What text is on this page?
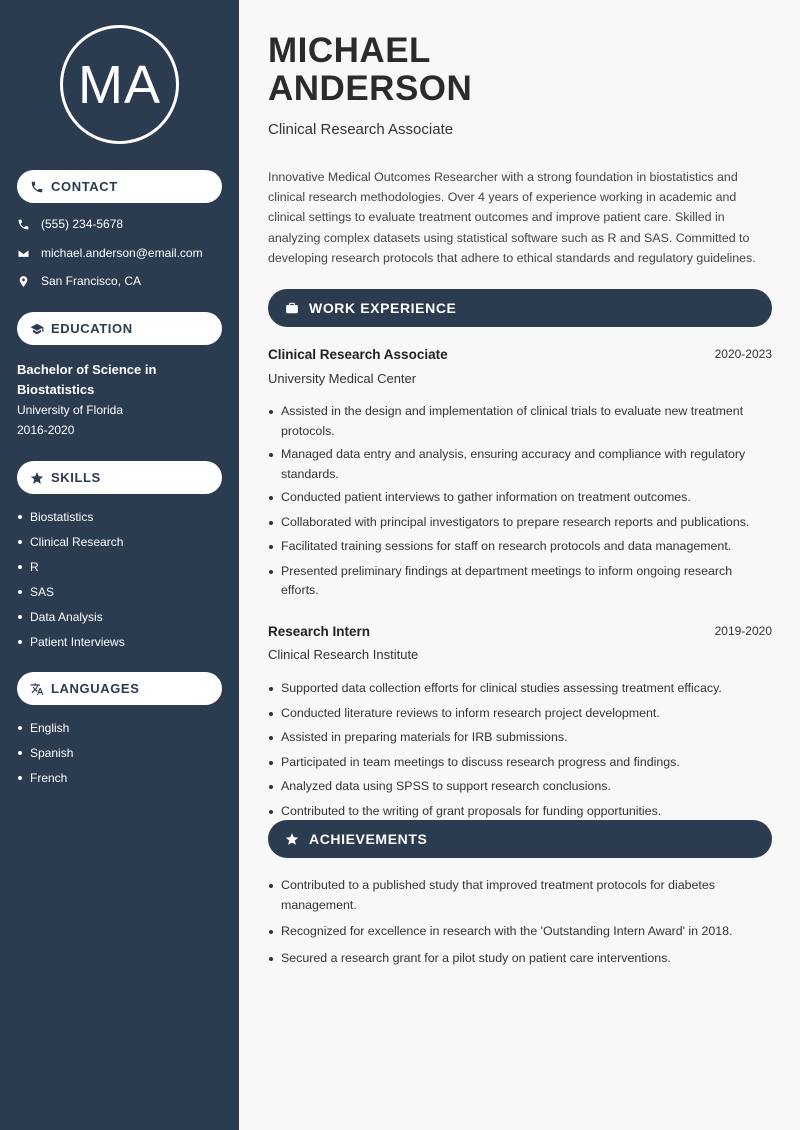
MA
CONTACT
(555) 234-5678
michael.anderson@email.com
San Francisco, CA
EDUCATION
Bachelor of Science in Biostatistics
University of Florida
2016-2020
SKILLS
Biostatistics
Clinical Research
R
SAS
Data Analysis
Patient Interviews
LANGUAGES
English
Spanish
French
MICHAEL
ANDERSON
Clinical Research Associate

Innovative Medical Outcomes Researcher with a strong foundation in biostatistics and clinical research methodologies. Over 4 years of experience working in academic and clinical settings to evaluate treatment outcomes and improve patient care. Skilled in analyzing complex datasets using statistical software such as R and SAS. Committed to developing research protocols that adhere to ethical standards and regulatory guidelines.

WORK EXPERIENCE
Clinical Research Associate	2020-2023
University Medical Center
Assisted in the design and implementation of clinical trials to evaluate new treatment protocols.
Managed data entry and analysis, ensuring accuracy and compliance with regulatory standards.
Conducted patient interviews to gather information on treatment outcomes.
Collaborated with principal investigators to prepare research reports and publications.
Facilitated training sessions for staff on research protocols and data management.
Presented preliminary findings at department meetings to inform ongoing research efforts.
Research Intern	2019-2020
Clinical Research Institute
Supported data collection efforts for clinical studies assessing treatment efficacy.
Conducted literature reviews to inform research project development.
Assisted in preparing materials for IRB submissions.
Participated in team meetings to discuss research progress and findings.
Analyzed data using SPSS to support research conclusions.
Contributed to the writing of grant proposals for funding opportunities.
ACHIEVEMENTS
Contributed to a published study that improved treatment protocols for diabetes management.
Recognized for excellence in research with the 'Outstanding Intern Award' in 2018.
Secured a research grant for a pilot study on patient care interventions.
